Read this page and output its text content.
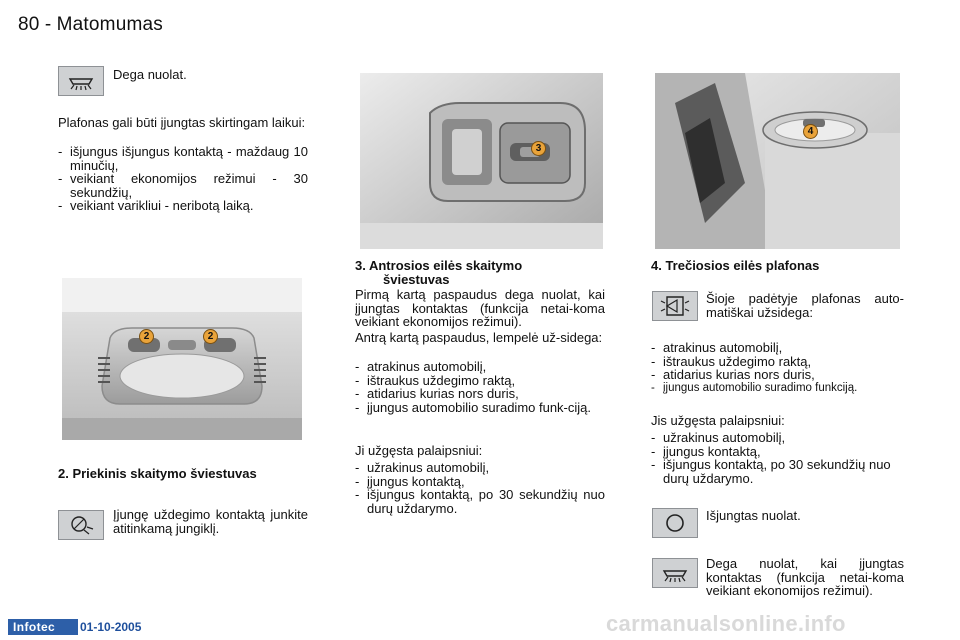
80 - Matomumas
Dega nuolat.
Plafonas gali būti įjungtas skirtingam laikui:
- išjungus išjungus kontaktą - maždaug 10 minučių,
- veikiant ekonomijos režimui - 30 sekundžių,
- veikiant varikliui - neribotą laiką.
2	2
2. Priekinis skaitymo šviestuvas
Įjungę uždegimo kontaktą junkite atitinkamą jungiklį.
3
3. Antrosios eilės skaitymo šviestuvas
Pirmą kartą paspaudus dega nuolat, kai įjungtas kontaktas (funkcija netai-koma veikiant ekonomijos režimui).
Antrą kartą paspaudus, lempelė už-sidega:
- atrakinus automobilį,
- ištraukus uždegimo raktą,
- atidarius kurias nors duris,
- įjungus automobilio suradimo funk-ciją.
Ji užgęsta palaipsniui:
- užrakinus automobilį,
- įjungus kontaktą,
- išjungus kontaktą, po 30 sekundžių nuo durų uždarymo.
4
4. Trečiosios eilės plafonas
Šioje padėtyje plafonas auto-matiškai užsidega:
- atrakinus automobilį,
- ištraukus uždegimo raktą,
- atidarius kurias nors duris,
- įjungus automobilio suradimo funkciją.
Jis užgęsta palaipsniui:
- užrakinus automobilį,
- įjungus kontaktą,
- išjungus kontaktą, po 30 sekundžių nuo durų uždarymo.
Išjungtas nuolat.
Dega nuolat, kai įjungtas kontaktas (funkcija netai-koma veikiant ekonomijos režimui).
Infotec	01-10-2005	carmanualsonline.info
